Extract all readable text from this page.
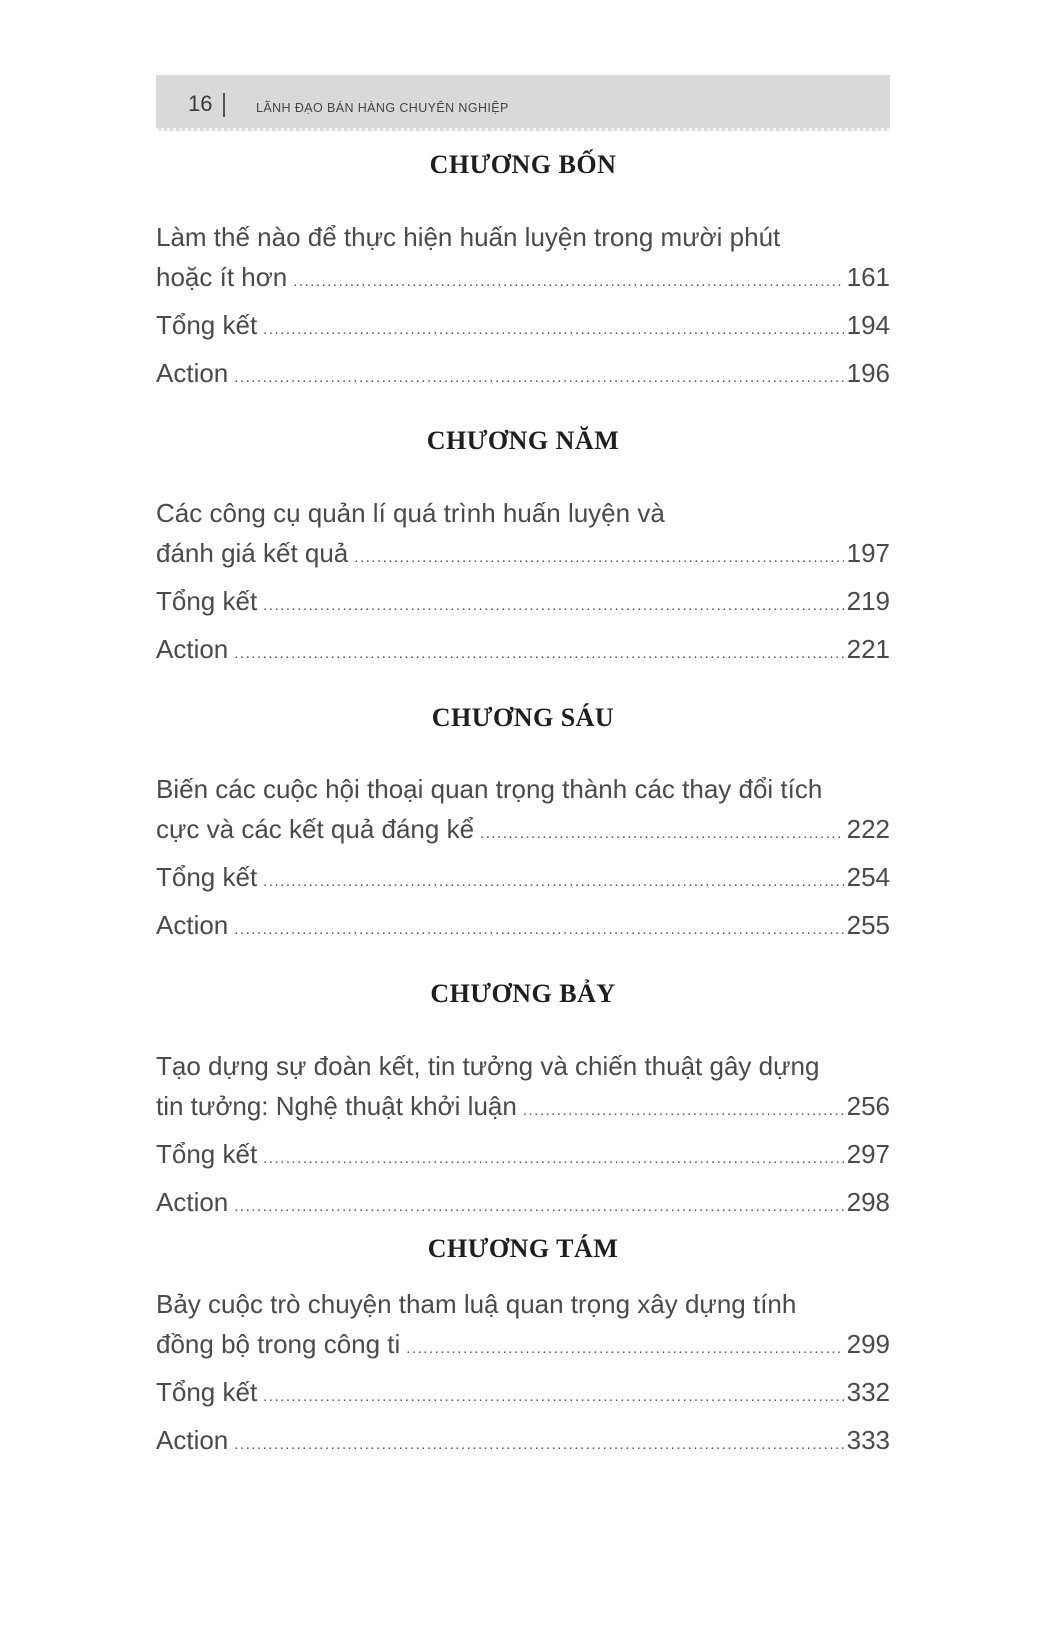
16	LÃNH ĐẠO BÁN HÀNG CHUYÊN NGHIỆP
CHƯƠNG BỐN
Làm thế nào để thực hiện huấn luyện trong mười phút
hoặc ít hơn .....	161
Tổng kết .....	194
Action .....	196
CHƯƠNG NĂM
Các công cụ quản lí quá trình huấn luyện và
đánh giá kết quả .....	197
Tổng kết .....	219
Action .....	221
CHƯƠNG SÁU
Biến các cuộc hội thoại quan trọng thành các thay đổi tích
cực và các kết quả đáng kể .....	222
Tổng kết .....	254
Action .....	255
CHƯƠNG BẢY
Tạo dựng sự đoàn kết, tin tưởng và chiến thuật gây dựng
tin tưởng: Nghệ thuật khởi luận .....	256
Tổng kết .....	297
Action .....	298
CHƯƠNG TÁM
Bảy cuộc trò chuyện tham luậ quan trọng xây dựng tính
đồng bộ trong công ti .....	299
Tổng kết .....	332
Action .....	333
